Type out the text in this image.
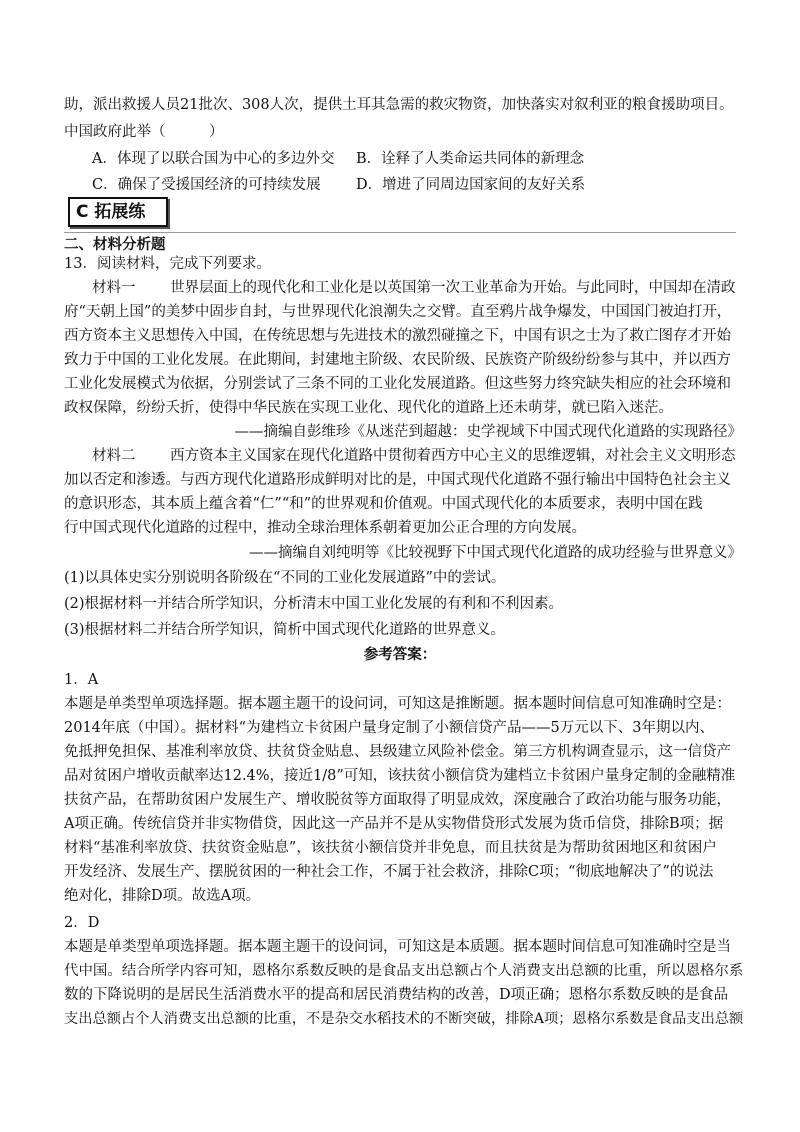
助，派出救援人员21批次、308人次，提供土耳其急需的救灾物资，加快落实对叙利亚的粮食援助项目。
中国政府此举（　　　）
A．体现了以联合国为中心的多边外交 B．诠释了人类命运共同体的新理念
C．确保了受援国经济的可持续发展 D．增进了同周边国家间的友好关系
C 拓展练
二、材料分析题
13．阅读材料，完成下列要求。
材料一 世界层面上的现代化和工业化是以英国第一次工业革命为开始。与此同时，中国却在清政
府“天朝上国”的美梦中固步自封，与世界现代化浪潮失之交臂。直至鸦片战争爆发，中国国门被迫打开，
西方资本主义思想传入中国，在传统思想与先进技术的激烈碰撞之下，中国有识之士为了救亡图存才开始
致力于中国的工业化发展。在此期间，封建地主阶级、农民阶级、民族资产阶级纷纷参与其中，并以西方
工业化发展模式为依据，分别尝试了三条不同的工业化发展道路。但这些努力终究缺失相应的社会环境和
政权保障，纷纷夭折，使得中华民族在实现工业化、现代化的道路上还未萌芽，就已陷入迷茫。
——摘编自彭维珍《从迷茫到超越：史学视域下中国式现代化道路的实现路径》
材料二 西方资本主义国家在现代化道路中贯彻着西方中心主义的思维逻辑，对社会主义文明形态
加以否定和渗透。与西方现代化道路形成鲜明对比的是，中国式现代化道路不强行输出中国特色社会主义
的意识形态，其本质上蕴含着“仁”“和”的世界观和价值观。中国式现代化的本质要求，表明中国在践
行中国式现代化道路的过程中，推动全球治理体系朝着更加公正合理的方向发展。
——摘编自刘纯明等《比较视野下中国式现代化道路的成功经验与世界意义》
(1)以具体史实分别说明各阶级在“不同的工业化发展道路”中的尝试。
(2)根据材料一并结合所学知识，分析清末中国工业化发展的有利和不利因素。
(3)根据材料二并结合所学知识，简析中国式现代化道路的世界意义。
参考答案：
1．A
本题是单类型单项选择题。据本题主题干的设问词，可知这是推断题。据本题时间信息可知准确时空是：
2014年底（中国）。据材料“为建档立卡贫困户量身定制了小额信贷产品——5万元以下、3年期以内、
免抵押免担保、基准利率放贷、扶贫贷金贴息、县级建立风险补偿金。第三方机构调查显示，这一信贷产
品对贫困户增收贡献率达12.4%，接近1/8”可知，该扶贫小额信贷为建档立卡贫困户量身定制的金融精准
扶贫产品，在帮助贫困户发展生产、增收脱贫等方面取得了明显成效，深度融合了政治功能与服务功能，
A项正确。传统信贷并非实物借贷，因此这一产品并不是从实物借贷形式发展为货币信贷，排除B项；据
材料“基准利率放贷、扶贫资金贴息”，该扶贫小额信贷并非免息，而且扶贫是为帮助贫困地区和贫困户
开发经济、发展生产、摆脱贫困的一种社会工作，不属于社会救济，排除C项；“彻底地解决了”的说法
绝对化，排除D项。故选A项。
2．D
本题是单类型单项选择题。据本题主题干的设问词，可知这是本质题。据本题时间信息可知准确时空是当
代中国。结合所学内容可知，恩格尔系数反映的是食品支出总额占个人消费支出总额的比重，所以恩格尔系
数的下降说明的是居民生活消费水平的提高和居民消费结构的改善，D项正确；恩格尔系数反映的是食品
支出总额占个人消费支出总额的比重，不是杂交水稻技术的不断突破，排除A项；恩格尔系数是食品支出总额
